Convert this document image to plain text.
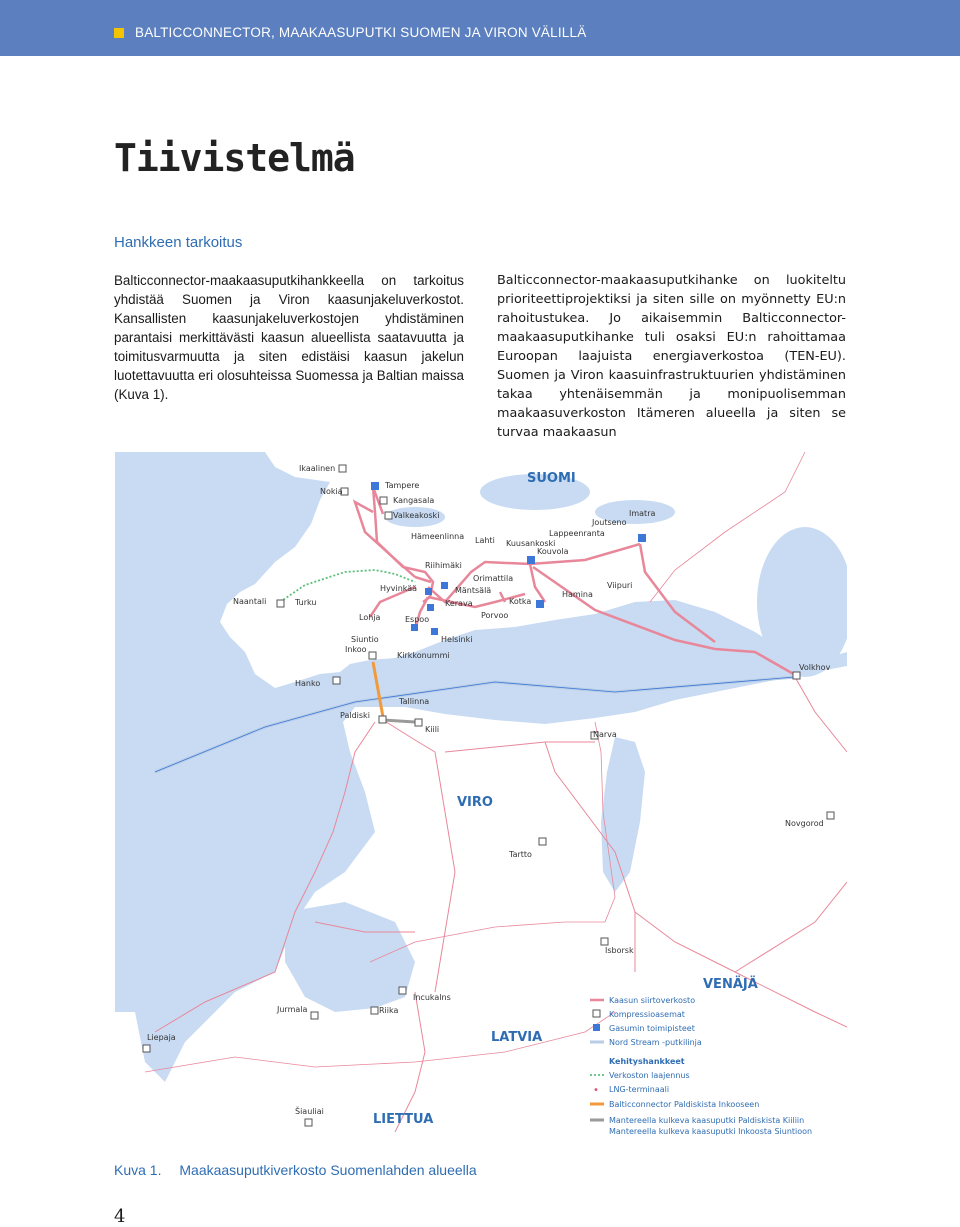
BALTICCONNECTOR, MAAKAASUPUTKI SUOMEN JA VIRON VÄLILLÄ
Tiivistelmä
Hankkeen tarkoitus
Balticconnector-maakaasuputkihankkeella on tarkoitus yhdistää Suomen ja Viron kaasunjakeluverkostot. Kansallisten kaasunjakeluverkostojen yhdistäminen parantaisi merkittävästi kaasun alueellista saatavuutta ja toimitusvarmuutta ja siten edistäisi kaasun jakelun luotettavuutta eri olosuhteissa Suomessa ja Baltian maissa (Kuva 1).
Balticconnector-maakaasuputkihanke on luokiteltu prioriteettiprojektiksi ja siten sille on myönnetty EU:n rahoitustukea. Jo aikaisemmin Balticconnector-maakaasuputkihanke tuli osaksi EU:n rahoittamaa Euroopan laajuista energiaverkostoa (TEN-EU). Suomen ja Viron kaasuinfrastruktuurien yhdistäminen takaa yhtenäisemmän ja monipuolisemman maakaasuverkoston Itämeren alueella ja siten se turvaa maakaasun
SUOMI
VIRO
VENÄJÄ
LATVIA
LIETTUA
Ikaalinen
Nokia
Tampere
Kangasala
Valkeakoski
Hämeenlinna Lahti Kuusankoski
Lappeenranta
Joutseno
Imatra
Kouvola
Riihimäki
Orimattila
Mäntsälä
Hyvinkää
Kerava	Kotka
Hamina
Viipuri
Naantali	Turku
Porvoo
Lohja	Espoo
Siuntio
Inkoo
Helsinki
Kirkkonummi
Hanko
Paldiski
Tallinna
Kiili
Narva
Volkhov
Novgorod
Tartto
Isborsk
Jurmala
Incukalns
Riika
Liepaja
Šiauliai
Kaasun siirtoverkosto
Kompressioasemat
Gasumin toimipisteet
Nord Stream -putkilinja
Kehityshankkeet
Verkoston laajennus
• LNG-terminaali
Balticconnector Paldiskista Inkooseen
Mantereella kulkeva kaasuputki Paldiskista Kiiliin
Mantereella kulkeva kaasuputki Inkoosta Siuntioon
Kuva 1. Maakaasuputkiverkosto Suomenlahden alueella
4
